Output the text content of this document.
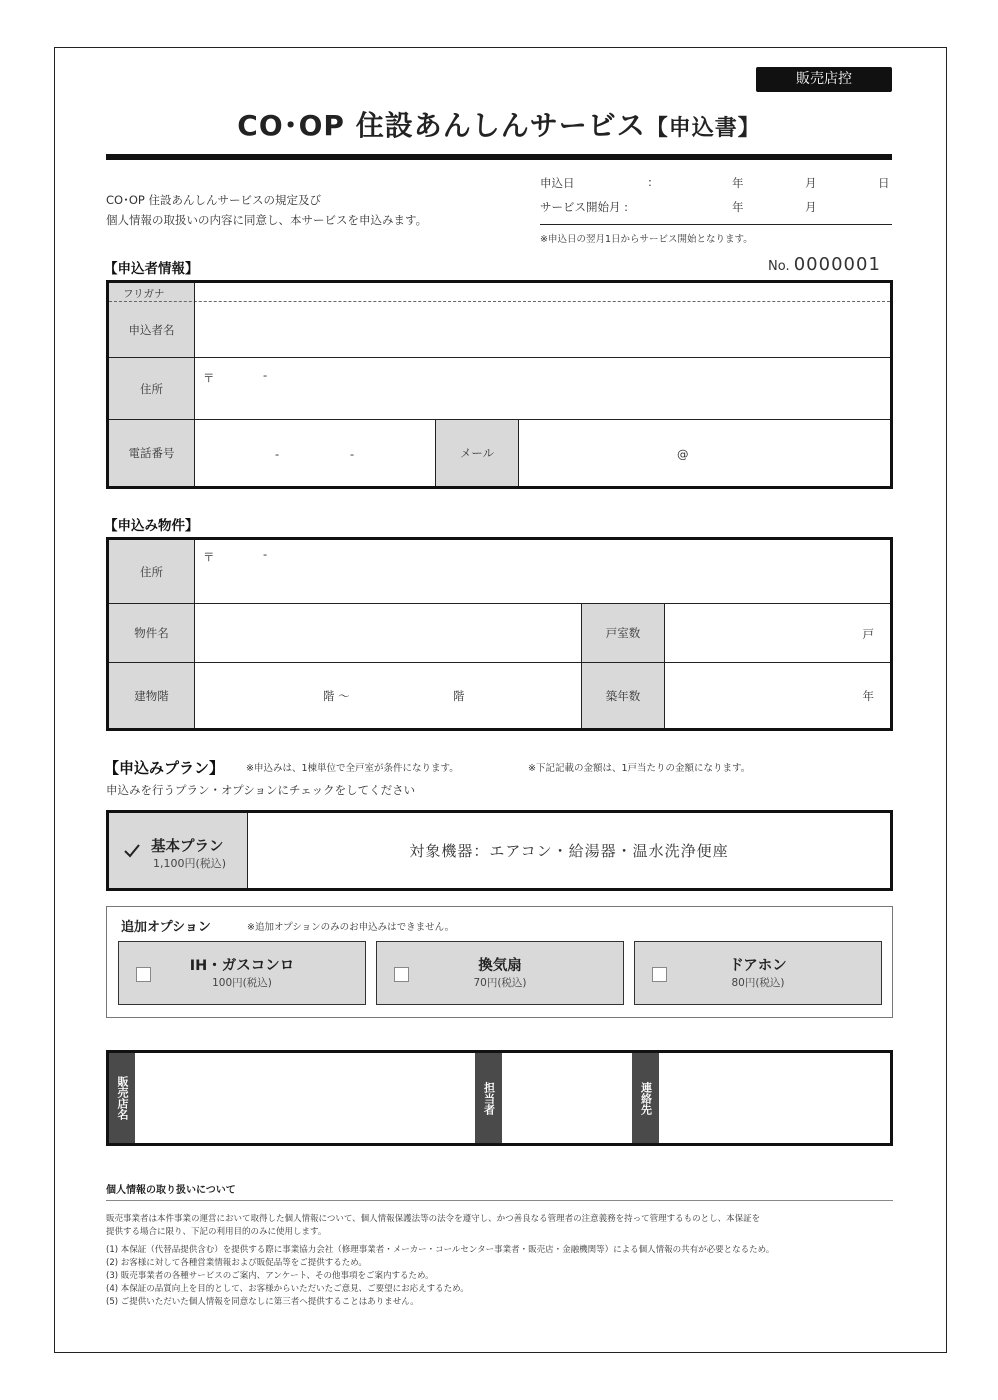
販売店控
CO･OP 住設あんしんサービス【申込書】
CO･OP 住設あんしんサービスの規定及び
個人情報の取扱いの内容に同意し、本サービスを申込みます。
申込日	:	年	月	日
サービス開始月 :	年	月
※申込日の翌月1日からサービス開始となります。
【申込者情報】	No. 0000001
フリガナ
申込者名
住所
〒	-
電話番号	-	-	メール	@
【申込み物件】
住所
〒	-
物件名	戸室数	戸
建物階	階 ～	階	築年数	年
【申込みプラン】 ※申込みは、1棟単位で全戸室が条件になります。	※下記記載の金額は、1戸当たりの金額になります。
申込みを行うプラン・オプションにチェックをしてください
基本プラン
1,100円(税込)
対象機器：エアコン・給湯器・温水洗浄便座
追加オプション	※追加オプションのみのお申込みはできません。
IH・ガスコンロ
100円(税込)
換気扇
70円(税込)
ドアホン
80円(税込)
販売店名	担当者	連絡先
個人情報の取り扱いについて
販売事業者は本件事業の運営において取得した個人情報について、個人情報保護法等の法令を遵守し、かつ善良なる管理者の注意義務を持って管理するものとし、本保証を
提供する場合に限り、下記の利用目的のみに使用します。
(1) 本保証（代替品提供含む）を提供する際に事業協力会社（修理事業者・メーカー・コールセンター事業者・販売店・金融機関等）による個人情報の共有が必要となるため。
(2) お客様に対して各種営業情報および販促品等をご提供するため。
(3) 販売事業者の各種サービスのご案内、アンケート、その他事項をご案内するため。
(4) 本保証の品質向上を目的として、お客様からいただいたご意見、ご要望にお応えするため。
(5) ご提供いただいた個人情報を同意なしに第三者へ提供することはありません。
